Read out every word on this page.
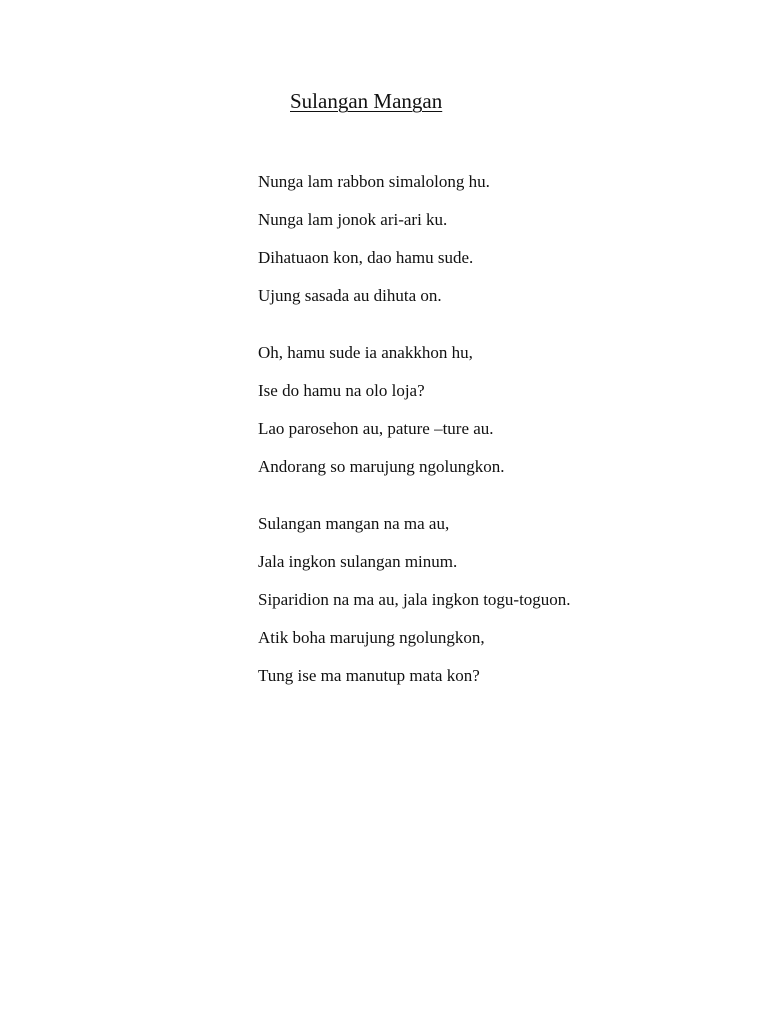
Sulangan Mangan
Nunga lam rabbon simalolong hu.
Nunga lam jonok ari-ari ku.
Dihatuaon kon, dao hamu sude.
Ujung sasada au dihuta on.
Oh, hamu sude ia anakkhon hu,
Ise do hamu na olo loja?
Lao parosehon au, pature –ture au.
Andorang so marujung ngolungkon.
Sulangan mangan na ma au,
Jala ingkon sulangan minum.
Siparidion na ma au, jala ingkon togu-toguon.
Atik boha marujung ngolungkon,
Tung ise ma manutup mata kon?
